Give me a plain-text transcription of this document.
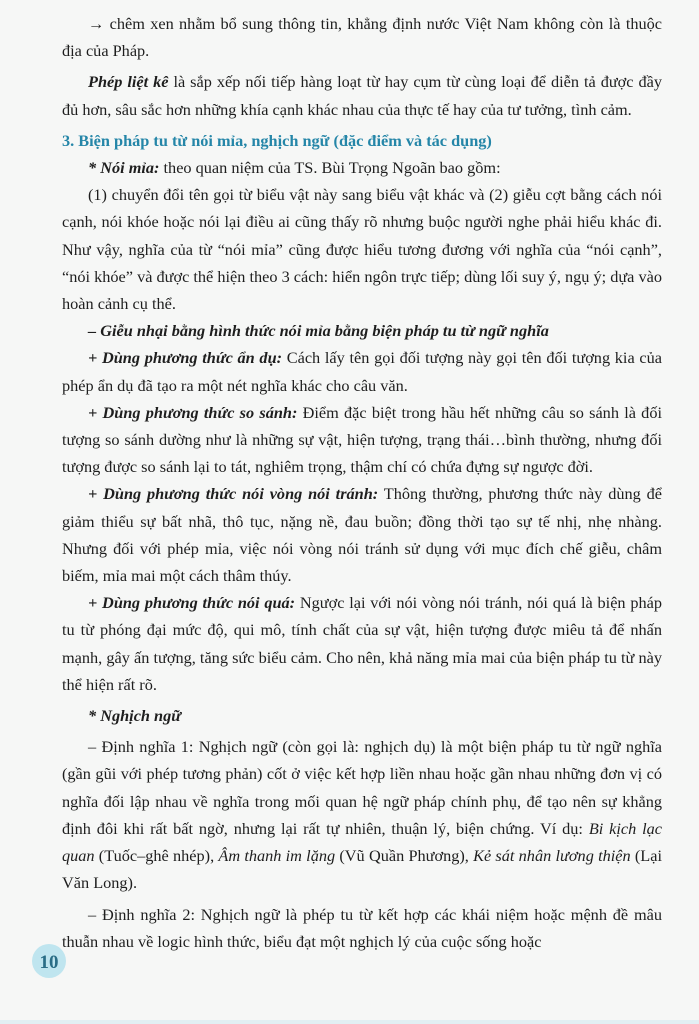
→ chêm xen nhằm bổ sung thông tin, khẳng định nước Việt Nam không còn là thuộc địa của Pháp.

Phép liệt kê là sắp xếp nối tiếp hàng loạt từ hay cụm từ cùng loại để diễn tả được đầy đủ hơn, sâu sắc hơn những khía cạnh khác nhau của thực tế hay của tư tưởng, tình cảm.

3. Biện pháp tu từ nói mỉa, nghịch ngữ (đặc điểm và tác dụng)

* Nói mỉa: theo quan niệm của TS. Bùi Trọng Ngoãn bao gồm:

(1) chuyển đổi tên gọi từ biểu vật này sang biểu vật khác và (2) giễu cợt bằng cách nói cạnh, nói khóe hoặc nói lại điều ai cũng thấy rõ nhưng buộc người nghe phải hiểu khác đi. Như vậy, nghĩa của từ “nói mỉa” cũng được hiểu tương đương với nghĩa của “nói cạnh”, “nói khóe” và được thể hiện theo 3 cách: hiển ngôn trực tiếp; dùng lối suy ý, ngụ ý; dựa vào hoàn cảnh cụ thể.

– Giễu nhại bằng hình thức nói mỉa bằng biện pháp tu từ ngữ nghĩa

+ Dùng phương thức ẩn dụ: Cách lấy tên gọi đối tượng này gọi tên đối tượng kia của phép ẩn dụ đã tạo ra một nét nghĩa khác cho câu văn.

+ Dùng phương thức so sánh: Điểm đặc biệt trong hầu hết những câu so sánh là đối tượng so sánh dường như là những sự vật, hiện tượng, trạng thái…bình thường, nhưng đối tượng được so sánh lại to tát, nghiêm trọng, thậm chí có chứa đựng sự ngược đời.

+ Dùng phương thức nói vòng nói tránh: Thông thường, phương thức này dùng để giảm thiểu sự bất nhã, thô tục, nặng nề, đau buồn; đồng thời tạo sự tế nhị, nhẹ nhàng. Nhưng đối với phép mỉa, việc nói vòng nói tránh sử dụng với mục đích chế giễu, châm biếm, mỉa mai một cách thâm thúy.

+ Dùng phương thức nói quá: Ngược lại với nói vòng nói tránh, nói quá là biện pháp tu từ phóng đại mức độ, qui mô, tính chất của sự vật, hiện tượng được miêu tả để nhấn mạnh, gây ấn tượng, tăng sức biểu cảm. Cho nên, khả năng mỉa mai của biện pháp tu từ này thể hiện rất rõ.

* Nghịch ngữ

– Định nghĩa 1: Nghịch ngữ (còn gọi là: nghịch dụ) là một biện pháp tu từ ngữ nghĩa (gần gũi với phép tương phản) cốt ở việc kết hợp liền nhau hoặc gần nhau những đơn vị có nghĩa đối lập nhau về nghĩa trong mối quan hệ ngữ pháp chính phụ, để tạo nên sự khẳng định đôi khi rất bất ngờ, nhưng lại rất tự nhiên, thuận lý, biện chứng. Ví dụ: Bi kịch lạc quan (Tuốc–ghê nhép), Âm thanh im lặng (Vũ Quần Phương), Kẻ sát nhân lương thiện (Lại Văn Long).

– Định nghĩa 2: Nghịch ngữ là phép tu từ kết hợp các khái niệm hoặc mệnh đề mâu thuẫn nhau về logic hình thức, biểu đạt một nghịch lý của cuộc sống hoặc

10
